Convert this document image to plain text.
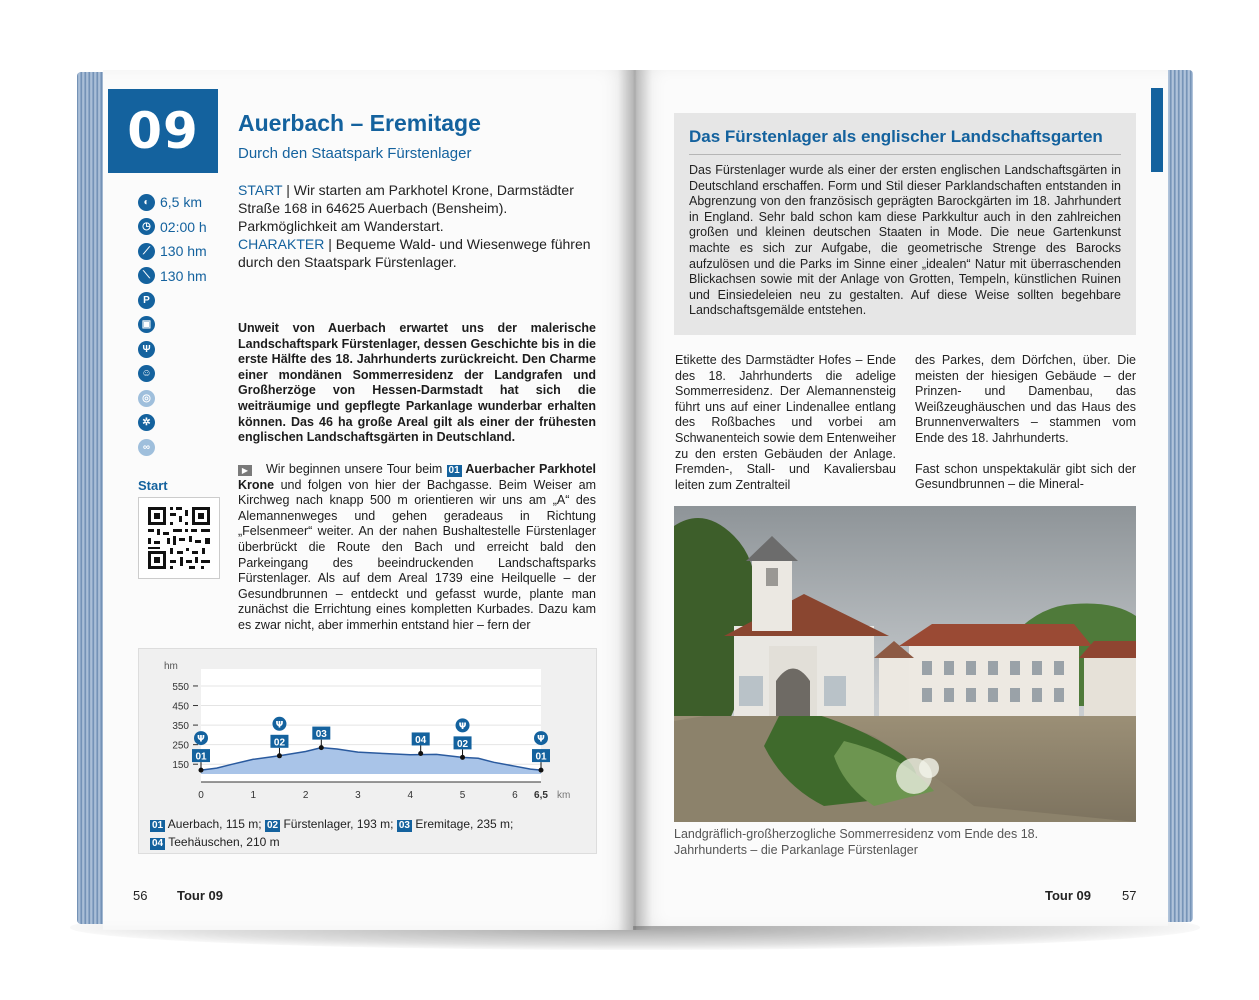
09	Auerbach – Eremitage
Durch den Staatspark Fürstenlager
START | Wir starten am Parkhotel Krone, Darmstädter Straße 168 in 64625 Auerbach (Bensheim). Parkmöglichkeit am Wanderstart.
CHARAKTER | Bequeme Wald- und Wiesenwege führen durch den Staatspark Fürstenlager.
◐ 6,5 km
◷ 02:00 h
⟋ 130 hm
⟍ 130 hm
P
▣
Ψ
☺
◎
✲
∞
Start
Unweit von Auerbach erwartet uns der malerische Landschaftspark Fürstenlager, dessen Geschichte bis in die erste Hälfte des 18. Jahrhunderts zurückreicht. Den Charme einer mondänen Sommerresidenz der Landgrafen und Großherzöge von Hessen-Darmstadt hat sich die weiträumige und gepflegte Parkanlage wunderbar erhalten können. Das 46 ha große Areal gilt als einer der frühesten englischen Landschaftsgärten in Deutschland.
▶ Wir beginnen unsere Tour beim 01 Auerbacher Parkhotel Krone und folgen von hier der Bachgasse. Beim Weiser am Kirchweg nach knapp 500 m orientieren wir uns am „A“ des Alemannenweges und gehen geradeaus in Richtung „Felsenmeer“ weiter. An der nahen Bushaltestelle Fürstenlager überbrückt die Route den Bach und erreicht bald den Parkeingang des beeindruckenden Landschaftsparks Fürstenlager. Als auf dem Areal 1739 eine Heilquelle – der Gesundbrunnen – entdeckt und gefasst wurde, plante man zunächst die Errichtung eines kompletten Kurbades. Dazu kam es zwar nicht, aber immerhin entstand hier – fern der
150
250
350
450
550
hm
0	1	2	3	4	5	6 6,5 km
Ψ
Ψ	Ψ
Ψ
01
02
03
04	02
01
01 Auerbach, 115 m; 02 Fürstenlager, 193 m; 03 Eremitage, 235 m;
04 Teehäuschen, 210 m
56 Tour 09
Das Fürstenlager als englischer Landschaftsgarten
Das Fürstenlager wurde als einer der ersten englischen Landschaftsgärten in Deutschland erschaffen. Form und Stil dieser Parklandschaften entstanden in Abgrenzung von den französisch geprägten Barockgärten im 18. Jahrhundert in England. Sehr bald schon kam diese Parkkultur auch in den zahlreichen großen und kleinen deutschen Staaten in Mode. Die neue Gartenkunst machte es sich zur Aufgabe, die geometrische Strenge des Barocks aufzulösen und die Parks im Sinne einer „idealen“ Natur mit überraschenden Blickachsen sowie mit der Anlage von Grotten, Tempeln, künstlichen Ruinen und Einsiedeleien neu zu gestalten. Auf diese Weise sollten begehbare Landschaftsgemälde entstehen.
Etikette des Darmstädter Hofes – Ende des 18. Jahrhunderts die adelige Sommerresidenz. Der Alemannensteig führt uns auf einer Lindenallee entlang des Roßbaches und vorbei am Schwanenteich sowie dem Entenweiher zu den ersten Gebäuden der Anlage. Fremden-, Stall- und Kavaliersbau leiten zum Zentralteil
des Parkes, dem Dörfchen, über. Die meisten der hiesigen Gebäude – der Prinzen- und Damenbau, das Weißzeughäuschen und das Haus des Brunnenverwalters – stammen vom Ende des 18. Jahrhunderts.
Fast schon unspektakulär gibt sich der Gesundbrunnen – die Mineral-
Landgräflich-großherzogliche Sommerresidenz vom Ende des 18. Jahrhunderts – die Parkanlage Fürstenlager
Tour 09 57
